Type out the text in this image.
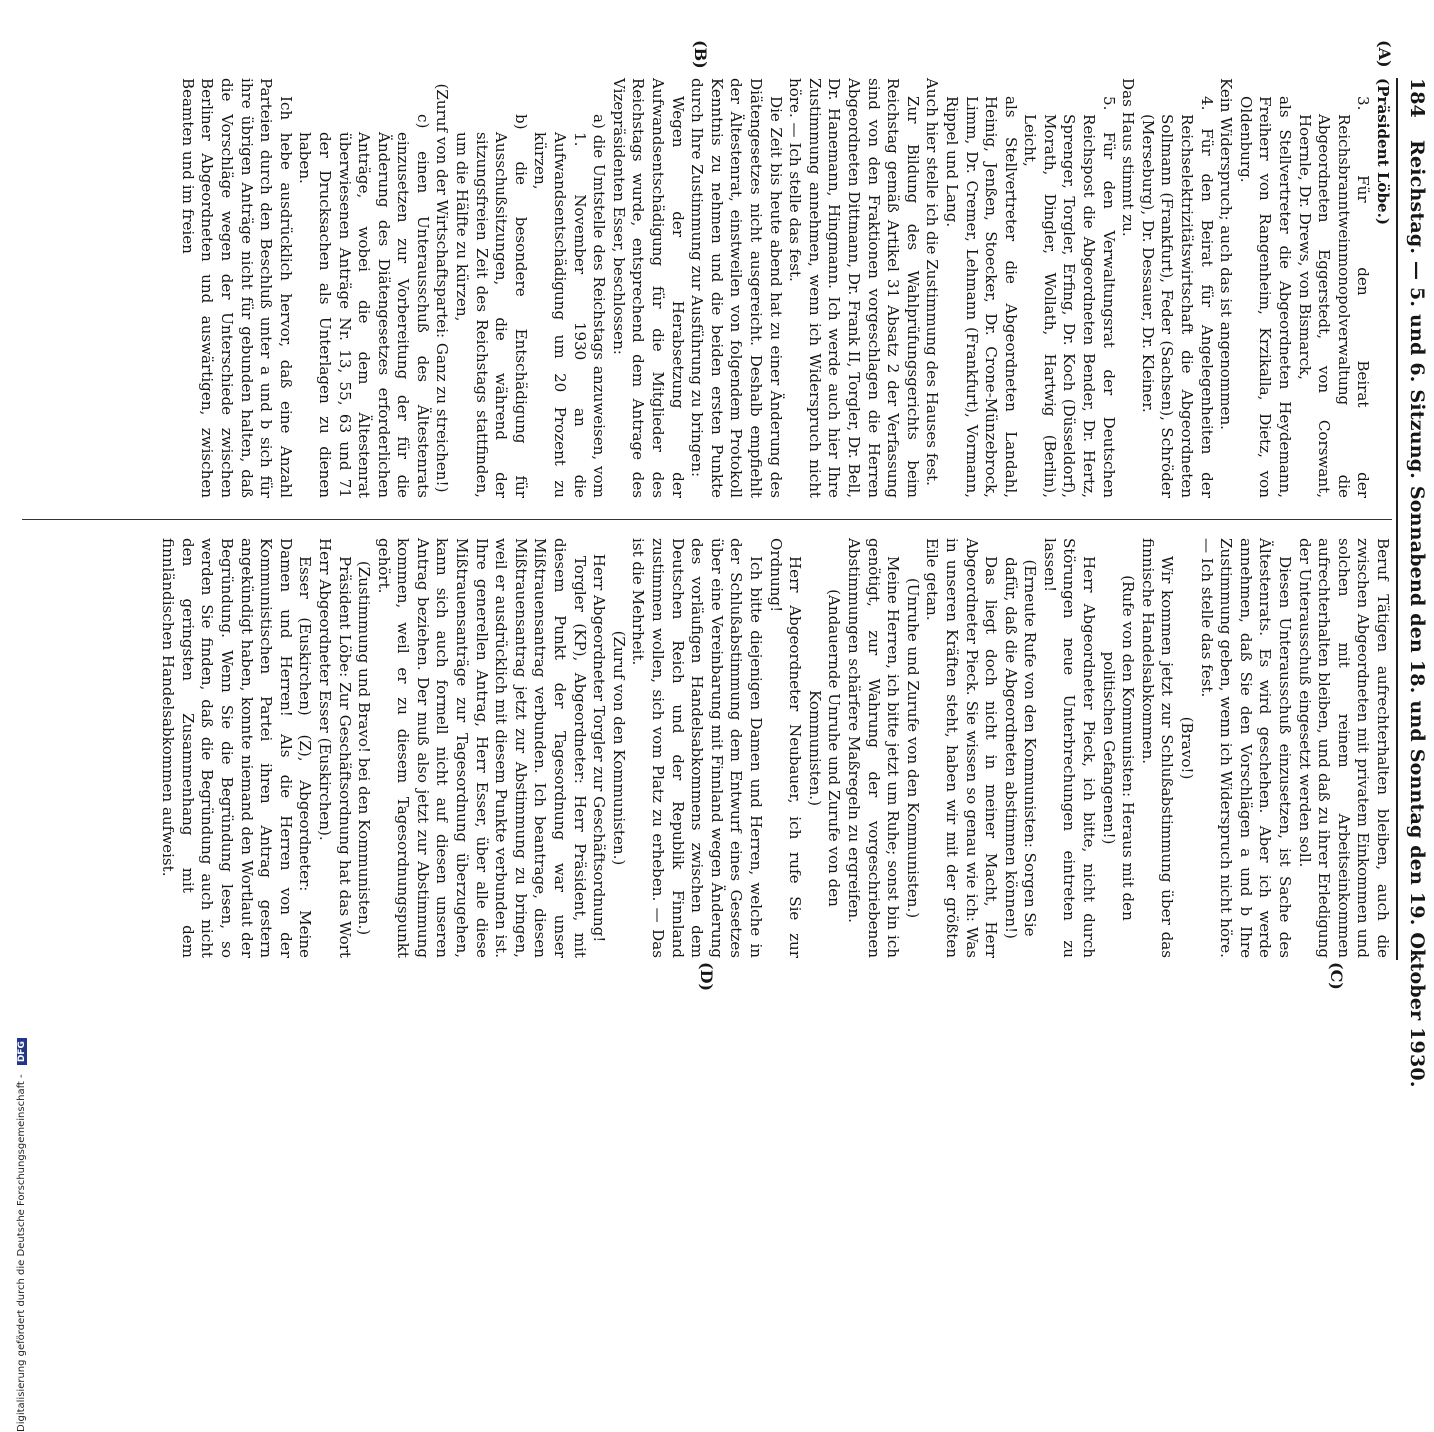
184
Reichstag. — 5. und 6. Sitzung. Sonnabend den 18. und Sonntag den 19. Oktober 1930.
(A)
(B)
(C)
(D)

(Präsident Löbe.)

3. Für den Beirat der Reichsbranntweinmonopolverwaltung die Abgeordneten Eggerstedt, von Corswant, Hoernle, Dr. Drews, von Bismarck,

als Stellvertreter die Abgeordneten Heydemann, Freiherr von Rangenheim, Krzikalla, Dietz, von Oldenburg.

Kein Widerspruch; auch das ist angenommen.

4. Für den Beirat für Angelegenheiten der Reichselektrizitätswirtschaft die Abgeordneten Sollmann (Frankfurt), Feder (Sachsen), Schröder (Merseburg), Dr. Dessauer, Dr. Kleiner.

Das Haus stimmt zu.

5. Für den Verwaltungsrat der Deutschen Reichspost die Abgeordneten Bender, Dr. Hertz, Sprenger, Torgler, Erfing, Dr. Koch (Düsseldorf), Morath, Dingler, Wollath, Hartwig (Berlin), Leicht,

als Stellvertreter die Abgeordneten Landahl, Heinig, Jenßen, Stoecker, Dr. Crone-Münzebrock, Limm, Dr. Cremer, Lehmann (Frankfurt), Vormann, Rippel und Lang.

Auch hier stelle ich die Zustimmung des Hauses fest.

Zur Bildung des Wahlprüfungsgerichts beim Reichstag gemäß Artikel 31 Absatz 2 der Verfassung sind von den Fraktionen vorgeschlagen die Herren Abgeordneten Dittmann, Dr. Frank II, Torgler, Dr. Bell, Dr. Hanemann, Hingmann. Ich werde auch hier Ihre Zustimmung annehmen, wenn ich Widerspruch nicht höre. — Ich stelle das fest.

Die Zeit bis heute abend hat zu einer Änderung des Diätengesetzes nicht ausgereicht. Deshalb empfiehlt der Ältestenrat, einstweilen von folgendem Protokoll Kenntnis zu nehmen und die beiden ersten Punkte durch Ihre Zustimmung zur Ausführung zu bringen:

Wegen der Herabsetzung der Aufwandsentschädigung für die Mitglieder des Reichstags wurde, entsprechend dem Antrage des Vizepräsidenten Esser, beschlossen:

a) die Umtstelle des Reichstags anzuweisen, vom 1. November 1930 an die Aufwandsentschädigung um 20 Prozent zu kürzen,

b) die besondere Entschädigung für Ausschußsitzungen, die während der sitzungsfreien Zeit des Reichstags stattfinden, um die Hälfte zu kürzen,

(Zuruf von der Wirtschaftspartei: Ganz zu streichen!)

c) einen Unterausschuß des Ältestenrats einzusetzen zur Vorbereitung der für die Änderung des Diätengesetzes erforderlichen Anträge, wobei die dem Ältestenrat überwiesenen Anträge Nr. 13, 55, 63 und 71 der Drucksachen als Unterlagen zu dienen haben.

Ich hebe ausdrücklich hervor, daß eine Anzahl Parteien durch den Beschluß unter a und b sich für ihre übrigen Anträge nicht für gebunden halten, daß die Vorschläge wegen der Unterschiede zwischen Berliner Abgeordneten und auswärtigen, zwischen Beamten und im freien

Beruf Tätigen aufrechterhalten bleiben, auch die zwischen Abgeordneten mit privatem Einkommen und solchen mit reinem Arbeitseinkommen aufrechterhalten bleiben, und daß zu ihrer Erledigung der Unterausschuß eingesetzt werden soll.

Diesen Unterausschuß einzusetzen, ist Sache des Ältestenrats. Es wird geschehen. Aber ich werde annehmen, daß Sie den Vorschlägen a und b Ihre Zustimmung geben, wenn ich Widerspruch nicht höre. — Ich stelle das fest.

(Bravo!)

Wir kommen jetzt zur Schlußabstimmung über das finnische Handelsabkommen.

(Rufe von den Kommunisten: Heraus mit den politischen Gefangenen!)

Herr Abgeordneter Pieck, ich bitte, nicht durch Störungen neue Unterbrechungen eintreten zu lassen!

(Erneute Rufe von den Kommunisten: Sorgen Sie dafür, daß die Abgeordneten abstimmen können!)

Das liegt doch nicht in meiner Macht, Herr Abgeordneter Pieck. Sie wissen so genau wie ich: Was in unseren Kräften steht, haben wir mit der größten Eile getan.

(Unruhe und Zurufe von den Kommunisten.)

Meine Herren, ich bitte jetzt um Ruhe; sonst bin ich genötigt, zur Wahrung der vorgeschriebenen Abstimmungen schärfere Maßregeln zu ergreifen.

(Andauernde Unruhe und Zurufe von den Kommunisten.)

Herr Abgeordneter Neubauer, ich rufe Sie zur Ordnung!

Ich bitte diejenigen Damen und Herren, welche in der Schlußabstimmung dem Entwurf eines Gesetzes über eine Vereinbarung mit Finnland wegen Änderung des vorläufigen Handelsabkommens zwischen dem Deutschen Reich und der Republik Finnland zustimmen wollen, sich vom Platz zu erheben. — Das ist die Mehrheit.

(Zuruf von den Kommunisten.)

Herr Abgeordneter Torgler zur Geschäftsordnung!

Torgler (KP), Abgeordneter: Herr Präsident, mit diesem Punkt der Tagesordnung war unser Mißtrauensantrag verbunden. Ich beantrage, diesen Mißtrauensantrag jetzt zur Abstimmung zu bringen, weil er ausdrücklich mit diesem Punkte verbunden ist. Ihre generellen Antrag, Herr Esser, über alle diese Mißtrauensanträge zur Tagesordnung überzugehen, kann sich auch formell nicht auf diesen unseren Antrag beziehen. Der muß also jetzt zur Abstimmung kommen, weil er zu diesem Tagesordnungspunkt gehört.

(Zustimmung und Bravo! bei den Kommunisten.)

Präsident Löbe: Zur Geschäftsordnung hat das Wort Herr Abgeordneter Esser (Euskirchen).

Esser (Euskirchen) (Z), Abgeordneter: Meine Damen und Herren! Als die Herren von der Kommunistischen Partei ihren Antrag gestern angekündigt haben, konnte niemand den Wortlaut der Begründung. Wenn Sie die Begründung lesen, so werden Sie finden, daß die Begründung auch nicht den geringsten Zusammenhang mit dem finnländischen Handelsabkommen aufweist.

Digitalisierung gefördert durch die Deutsche Forschungsgemeinschaft - DFG
